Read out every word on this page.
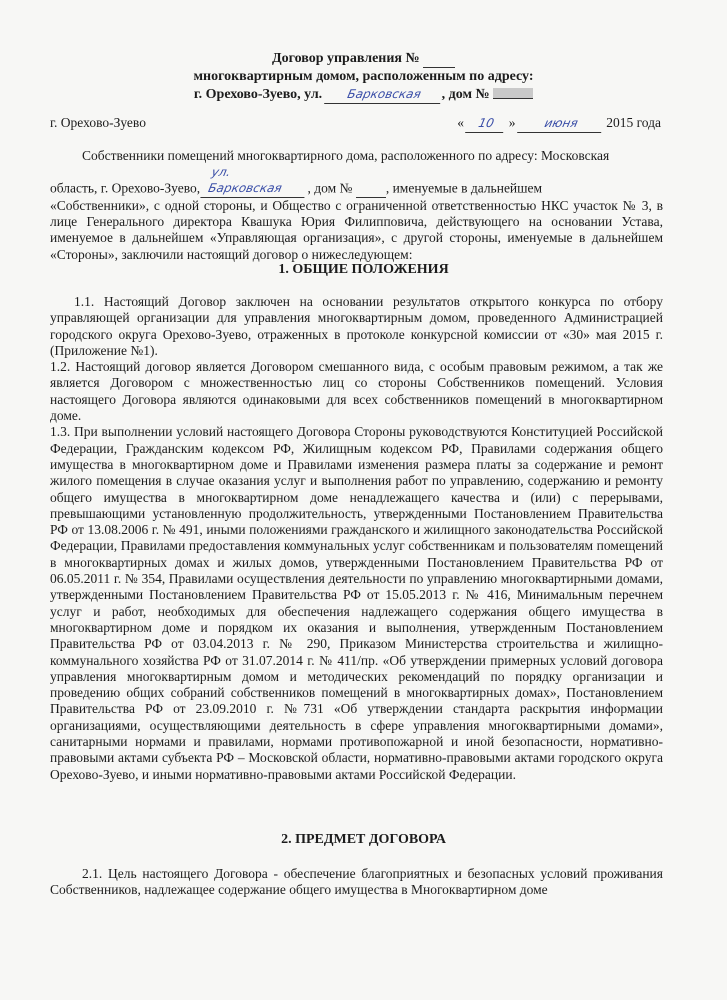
Договор управления №
многоквартирным домом, расположенным по адресу:
г. Орехово-Зуево, ул. Барковская , дом №
г. Орехово-Зуево	« 10 » июня 2015 года

Собственники помещений многоквартирного дома, расположенного по адресу: Московская

область, г. Орехово-Зуево, ул. Барковская , дом № , именуемые в дальнейшем

«Собственники», с одной стороны, и Общество с ограниченной ответственностью НКС участок № 3, в лице Генерального директора Квашука Юрия Филипповича, действующего на основании Устава, именуемое в дальнейшем «Управляющая организация», с другой стороны, именуемые в дальнейшем «Стороны», заключили настоящий договор о нижеследующем:

1. ОБЩИЕ ПОЛОЖЕНИЯ

1.1. Настоящий Договор заключен на основании результатов открытого конкурса по отбору управляющей организации для управления многоквартирным домом, проведенного Администрацией городского округа Орехово-Зуево, отраженных в протоколе конкурсной комиссии от «30» мая 2015 г. (Приложение №1).

1.2. Настоящий договор является Договором смешанного вида, с особым правовым режимом, а так же является Договором с множественностью лиц со стороны Собственников помещений. Условия настоящего Договора являются одинаковыми для всех собственников помещений в многоквартирном доме.

1.3. При выполнении условий настоящего Договора Стороны руководствуются Конституцией Российской Федерации, Гражданским кодексом РФ, Жилищным кодексом РФ, Правилами содержания общего имущества в многоквартирном доме и Правилами изменения размера платы за содержание и ремонт жилого помещения в случае оказания услуг и выполнения работ по управлению, содержанию и ремонту общего имущества в многоквартирном доме ненадлежащего качества и (или) с перерывами, превышающими установленную продолжительность, утвержденными Постановлением Правительства РФ от 13.08.2006 г. № 491, иными положениями гражданского и жилищного законодательства Российской Федерации, Правилами предоставления коммунальных услуг собственникам и пользователям помещений в многоквартирных домах и жилых домов, утвержденными Постановлением Правительства РФ от 06.05.2011 г. № 354, Правилами осуществления деятельности по управлению многоквартирными домами, утвержденными Постановлением Правительства РФ от 15.05.2013 г. № 416, Минимальным перечнем услуг и работ, необходимых для обеспечения надлежащего содержания общего имущества в многоквартирном доме и порядком их оказания и выполнения, утвержденным Постановлением Правительства РФ от 03.04.2013 г. № 290, Приказом Министерства строительства и жилищно-коммунального хозяйства РФ от 31.07.2014 г. № 411/пр. «Об утверждении примерных условий договора управления многоквартирным домом и методических рекомендаций по порядку организации и проведению общих собраний собственников помещений в многоквартирных домах», Постановлением Правительства РФ от 23.09.2010 г. №731 «Об утверждении стандарта раскрытия информации организациями, осуществляющими деятельность в сфере управления многоквартирными домами», санитарными нормами и правилами, нормами противопожарной и иной безопасности, нормативно-правовыми актами субъекта РФ – Московской области, нормативно-правовыми актами городского округа Орехово-Зуево, и иными нормативно-правовыми актами Российской Федерации.

2. ПРЕДМЕТ ДОГОВОРА

2.1. Цель настоящего Договора - обеспечение благоприятных и безопасных условий проживания Собственников, надлежащее содержание общего имущества в Многоквартирном доме
